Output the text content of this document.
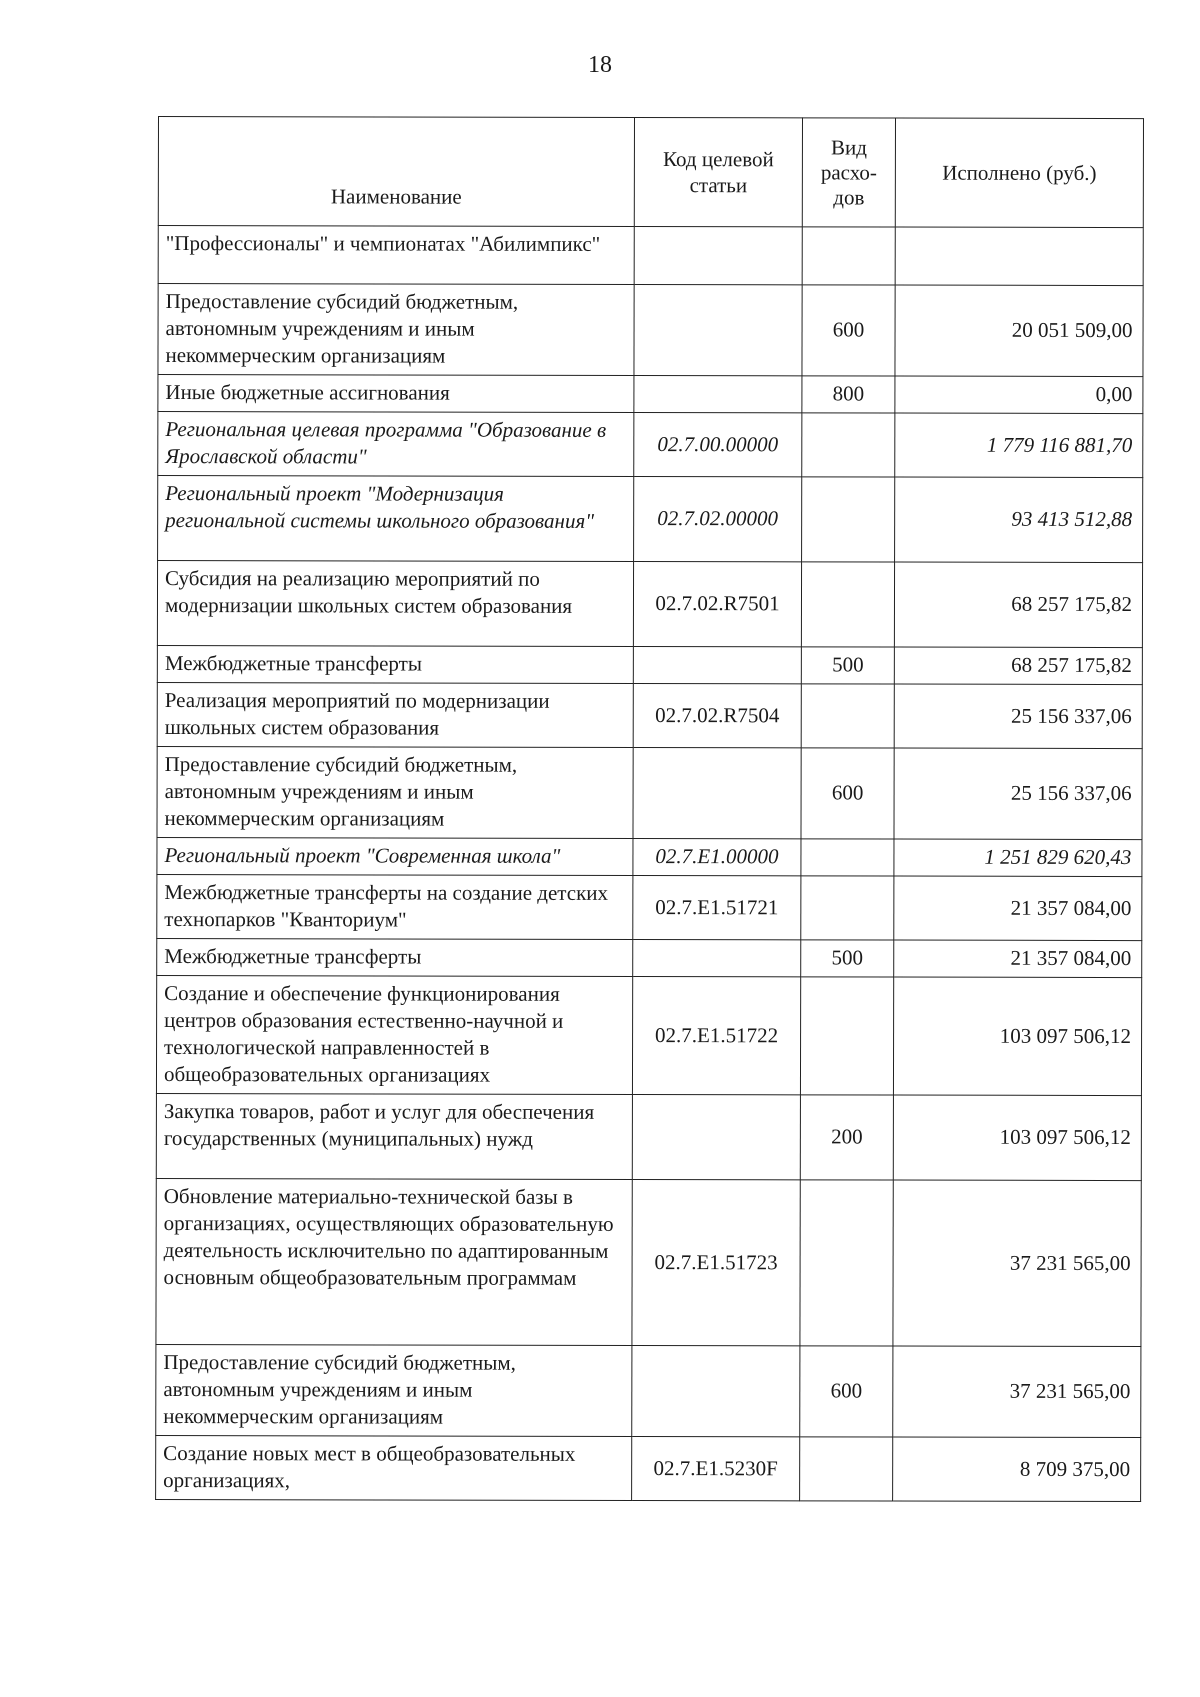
18
Наименование	Код целевой статьи	Вид расхо-дов	Исполнено (руб.)
"Профессионалы" и чемпионатах "Абилимпикс"			
Предоставление субсидий бюджетным, автономным учреждениям и иным некоммерческим организациям		600	20 051 509,00
Иные бюджетные ассигнования		800	0,00
Региональная целевая программа "Образование в Ярославской области"	02.7.00.00000		1 779 116 881,70
Региональный проект "Модернизация региональной системы школьного образования"	02.7.02.00000		93 413 512,88
Субсидия на реализацию мероприятий по модернизации школьных систем образования	02.7.02.R7501		68 257 175,82
Межбюджетные трансферты		500	68 257 175,82
Реализация мероприятий по модернизации школьных систем образования	02.7.02.R7504		25 156 337,06
Предоставление субсидий бюджетным, автономным учреждениям и иным некоммерческим организациям		600	25 156 337,06
Региональный проект "Современная школа"	02.7.E1.00000		1 251 829 620,43
Межбюджетные трансферты на создание детских технопарков "Кванториум"	02.7.E1.51721		21 357 084,00
Межбюджетные трансферты		500	21 357 084,00
Создание и обеспечение функционирования центров образования естественно-научной и технологической направленностей в общеобразовательных организациях	02.7.E1.51722		103 097 506,12
Закупка товаров, работ и услуг для обеспечения государственных (муниципальных) нужд		200	103 097 506,12
Обновление материально-технической базы в организациях, осуществляющих образовательную деятельность исключительно по адаптированным основным общеобразовательным программам	02.7.E1.51723		37 231 565,00
Предоставление субсидий бюджетным, автономным учреждениям и иным некоммерческим организациям		600	37 231 565,00
Создание новых мест в общеобразовательных организациях,	02.7.E1.5230F		8 709 375,00
